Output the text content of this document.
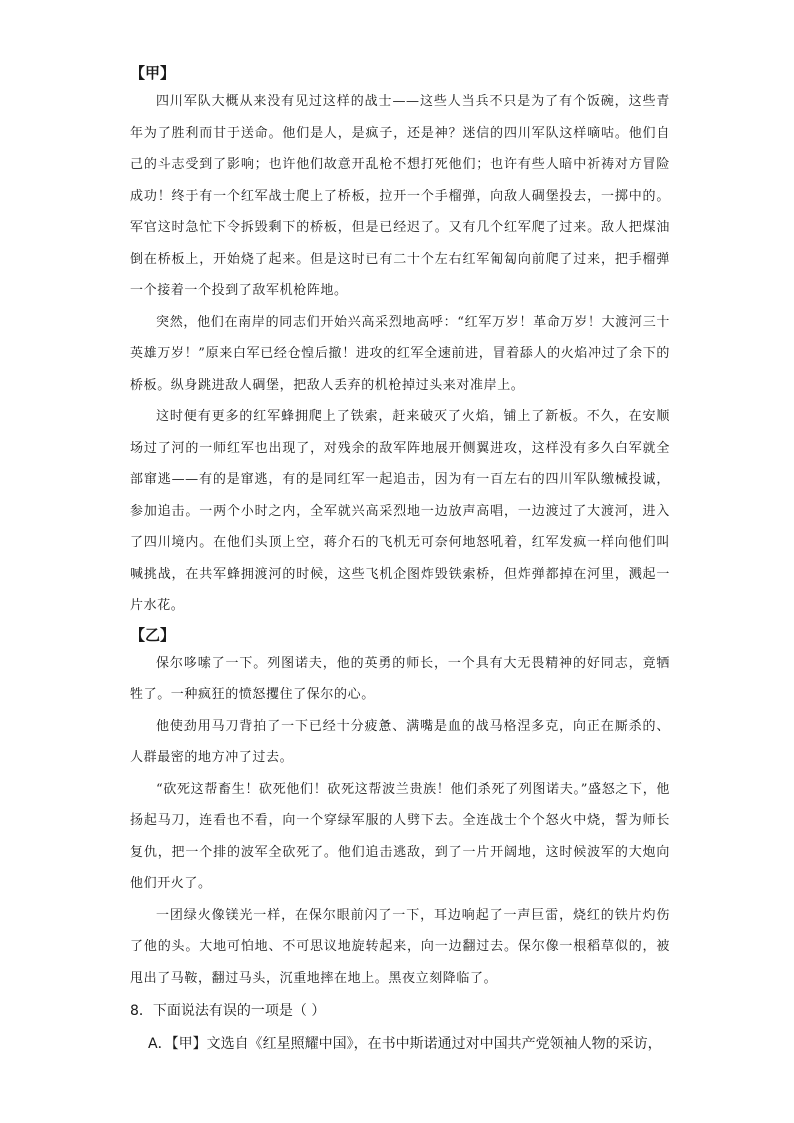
【甲】

四川军队大概从来没有见过这样的战士——这些人当兵不只是为了有个饭碗，这些青年为了胜利而甘于送命。他们是人，是疯子，还是神？迷信的四川军队这样嘀咕。他们自己的斗志受到了影响；也许他们故意开乱枪不想打死他们；也许有些人暗中祈祷对方冒险成功！终于有一个红军战士爬上了桥板，拉开一个手榴弹，向敌人碉堡投去，一掷中的。军官这时急忙下令拆毁剩下的桥板，但是已经迟了。又有几个红军爬了过来。敌人把煤油倒在桥板上，开始烧了起来。但是这时已有二十个左右红军匍匐向前爬了过来，把手榴弹一个接着一个投到了敌军机枪阵地。

突然，他们在南岸的同志们开始兴高采烈地高呼：“红军万岁！革命万岁！大渡河三十英雄万岁！”原来白军已经仓惶后撤！进攻的红军全速前进，冒着舔人的火焰冲过了余下的桥板。纵身跳进敌人碉堡，把敌人丢弃的机枪掉过头来对准岸上。

这时便有更多的红军蜂拥爬上了铁索，赶来破灭了火焰，铺上了新板。不久，在安顺场过了河的一师红军也出现了，对残余的敌军阵地展开侧翼进攻，这样没有多久白军就全部窜逃——有的是窜逃，有的是同红军一起追击，因为有一百左右的四川军队缴械投诚，参加追击。一两个小时之内，全军就兴高采烈地一边放声高唱，一边渡过了大渡河，进入了四川境内。在他们头顶上空，蒋介石的飞机无可奈何地怒吼着，红军发疯一样向他们叫喊挑战，在共军蜂拥渡河的时候，这些飞机企图炸毁铁索桥，但炸弹都掉在河里，溅起一片水花。

【乙】

保尔哆嗦了一下。列图诺夫，他的英勇的师长，一个具有大无畏精神的好同志，竟牺牲了。一种疯狂的愤怒攫住了保尔的心。

他使劲用马刀背拍了一下已经十分疲惫、满嘴是血的战马格涅多克，向正在厮杀的、人群最密的地方冲了过去。

“砍死这帮畜生！砍死他们！砍死这帮波兰贵族！他们杀死了列图诺夫。”盛怒之下，他扬起马刀，连看也不看，向一个穿绿军服的人劈下去。全连战士个个怒火中烧，誓为师长复仇，把一个排的波军全砍死了。他们追击逃敌，到了一片开阔地，这时候波军的大炮向他们开火了。

一团绿火像镁光一样，在保尔眼前闪了一下，耳边响起了一声巨雷，烧红的铁片灼伤了他的头。大地可怕地、不可思议地旋转起来，向一边翻过去。保尔像一根稻草似的，被甩出了马鞍，翻过马头，沉重地摔在地上。黑夜立刻降临了。

8．下面说法有误的一项是（ ）

A．【甲】文选自《红星照耀中国》，在书中斯诺通过对中国共产党领袖人物的采访，
